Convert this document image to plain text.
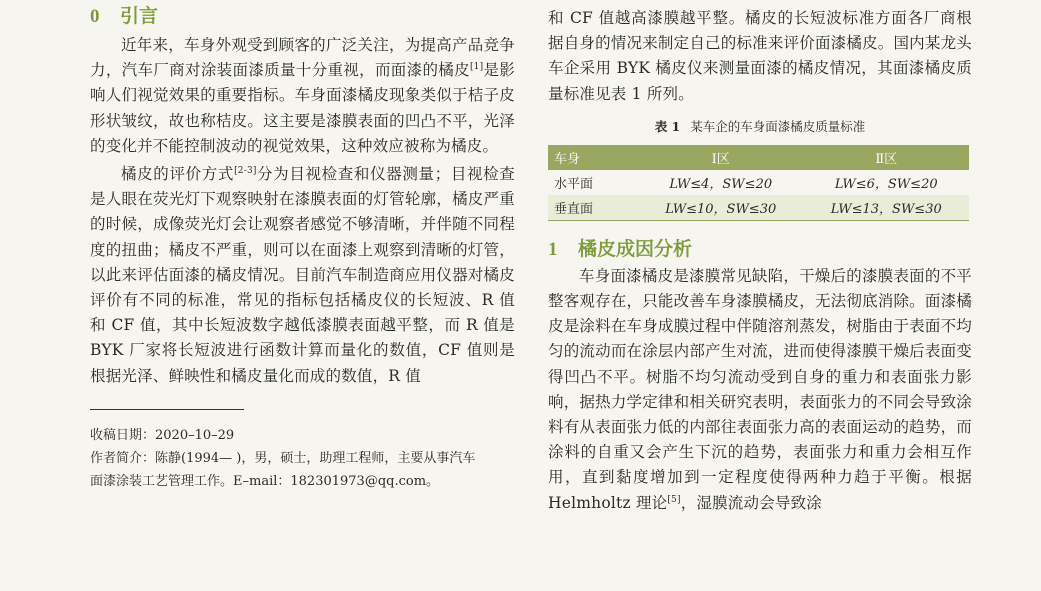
0 引言

近年来，车身外观受到顾客的广泛关注，为提高产品竞争力，汽车厂商对涂装面漆质量十分重视，而面漆的橘皮[1]是影响人们视觉效果的重要指标。车身面漆橘皮现象类似于桔子皮形状皱纹，故也称桔皮。这主要是漆膜表面的凹凸不平，光泽的变化并不能控制波动的视觉效果，这种效应被称为橘皮。

橘皮的评价方式[2-3]分为目视检查和仪器测量；目视检查是人眼在荧光灯下观察映射在漆膜表面的灯管轮廓，橘皮严重的时候，成像荧光灯会让观察者感觉不够清晰，并伴随不同程度的扭曲；橘皮不严重，则可以在面漆上观察到清晰的灯管，以此来评估面漆的橘皮情况。目前汽车制造商应用仪器对橘皮评价有不同的标准，常见的指标包括橘皮仪的长短波、R 值和 CF 值，其中长短波数字越低漆膜表面越平整，而 R 值是 BYK 厂家将长短波进行函数计算而量化的数值，CF 值则是根据光泽、鲜映性和橘皮量化而成的数值，R 值

收稿日期：2020–10–29

作者简介：陈静(1994— )，男，硕士，助理工程师，主要从事汽车

面漆涂装工艺管理工作。E–mail：182301973@qq.com。

和 CF 值越高漆膜越平整。橘皮的长短波标准方面各厂商根据自身的情况来制定自己的标准来评价面漆橘皮。国内某龙头车企采用 BYK 橘皮仪来测量面漆的橘皮情况，其面漆橘皮质量标准见表 1 所列。

表 1 某车企的车身面漆橘皮质量标准
车身	Ⅰ区	Ⅱ区
水平面	LW≤4，SW≤20	LW≤6，SW≤20
垂直面	LW≤10，SW≤30	LW≤13，SW≤30
1 橘皮成因分析

车身面漆橘皮是漆膜常见缺陷，干燥后的漆膜表面的不平整客观存在，只能改善车身漆膜橘皮，无法彻底消除。面漆橘皮是涂料在车身成膜过程中伴随溶剂蒸发，树脂由于表面不均匀的流动而在涂层内部产生对流，进而使得漆膜干燥后表面变得凹凸不平。树脂不均匀流动受到自身的重力和表面张力影响，据热力学定律和相关研究表明，表面张力的不同会导致涂料有从表面张力低的内部往表面张力高的表面运动的趋势，而涂料的自重又会产生下沉的趋势，表面张力和重力会相互作用，直到黏度增加到一定程度使得两种力趋于平衡。根据 Helmholtz 理论[5]，湿膜流动会导致涂
